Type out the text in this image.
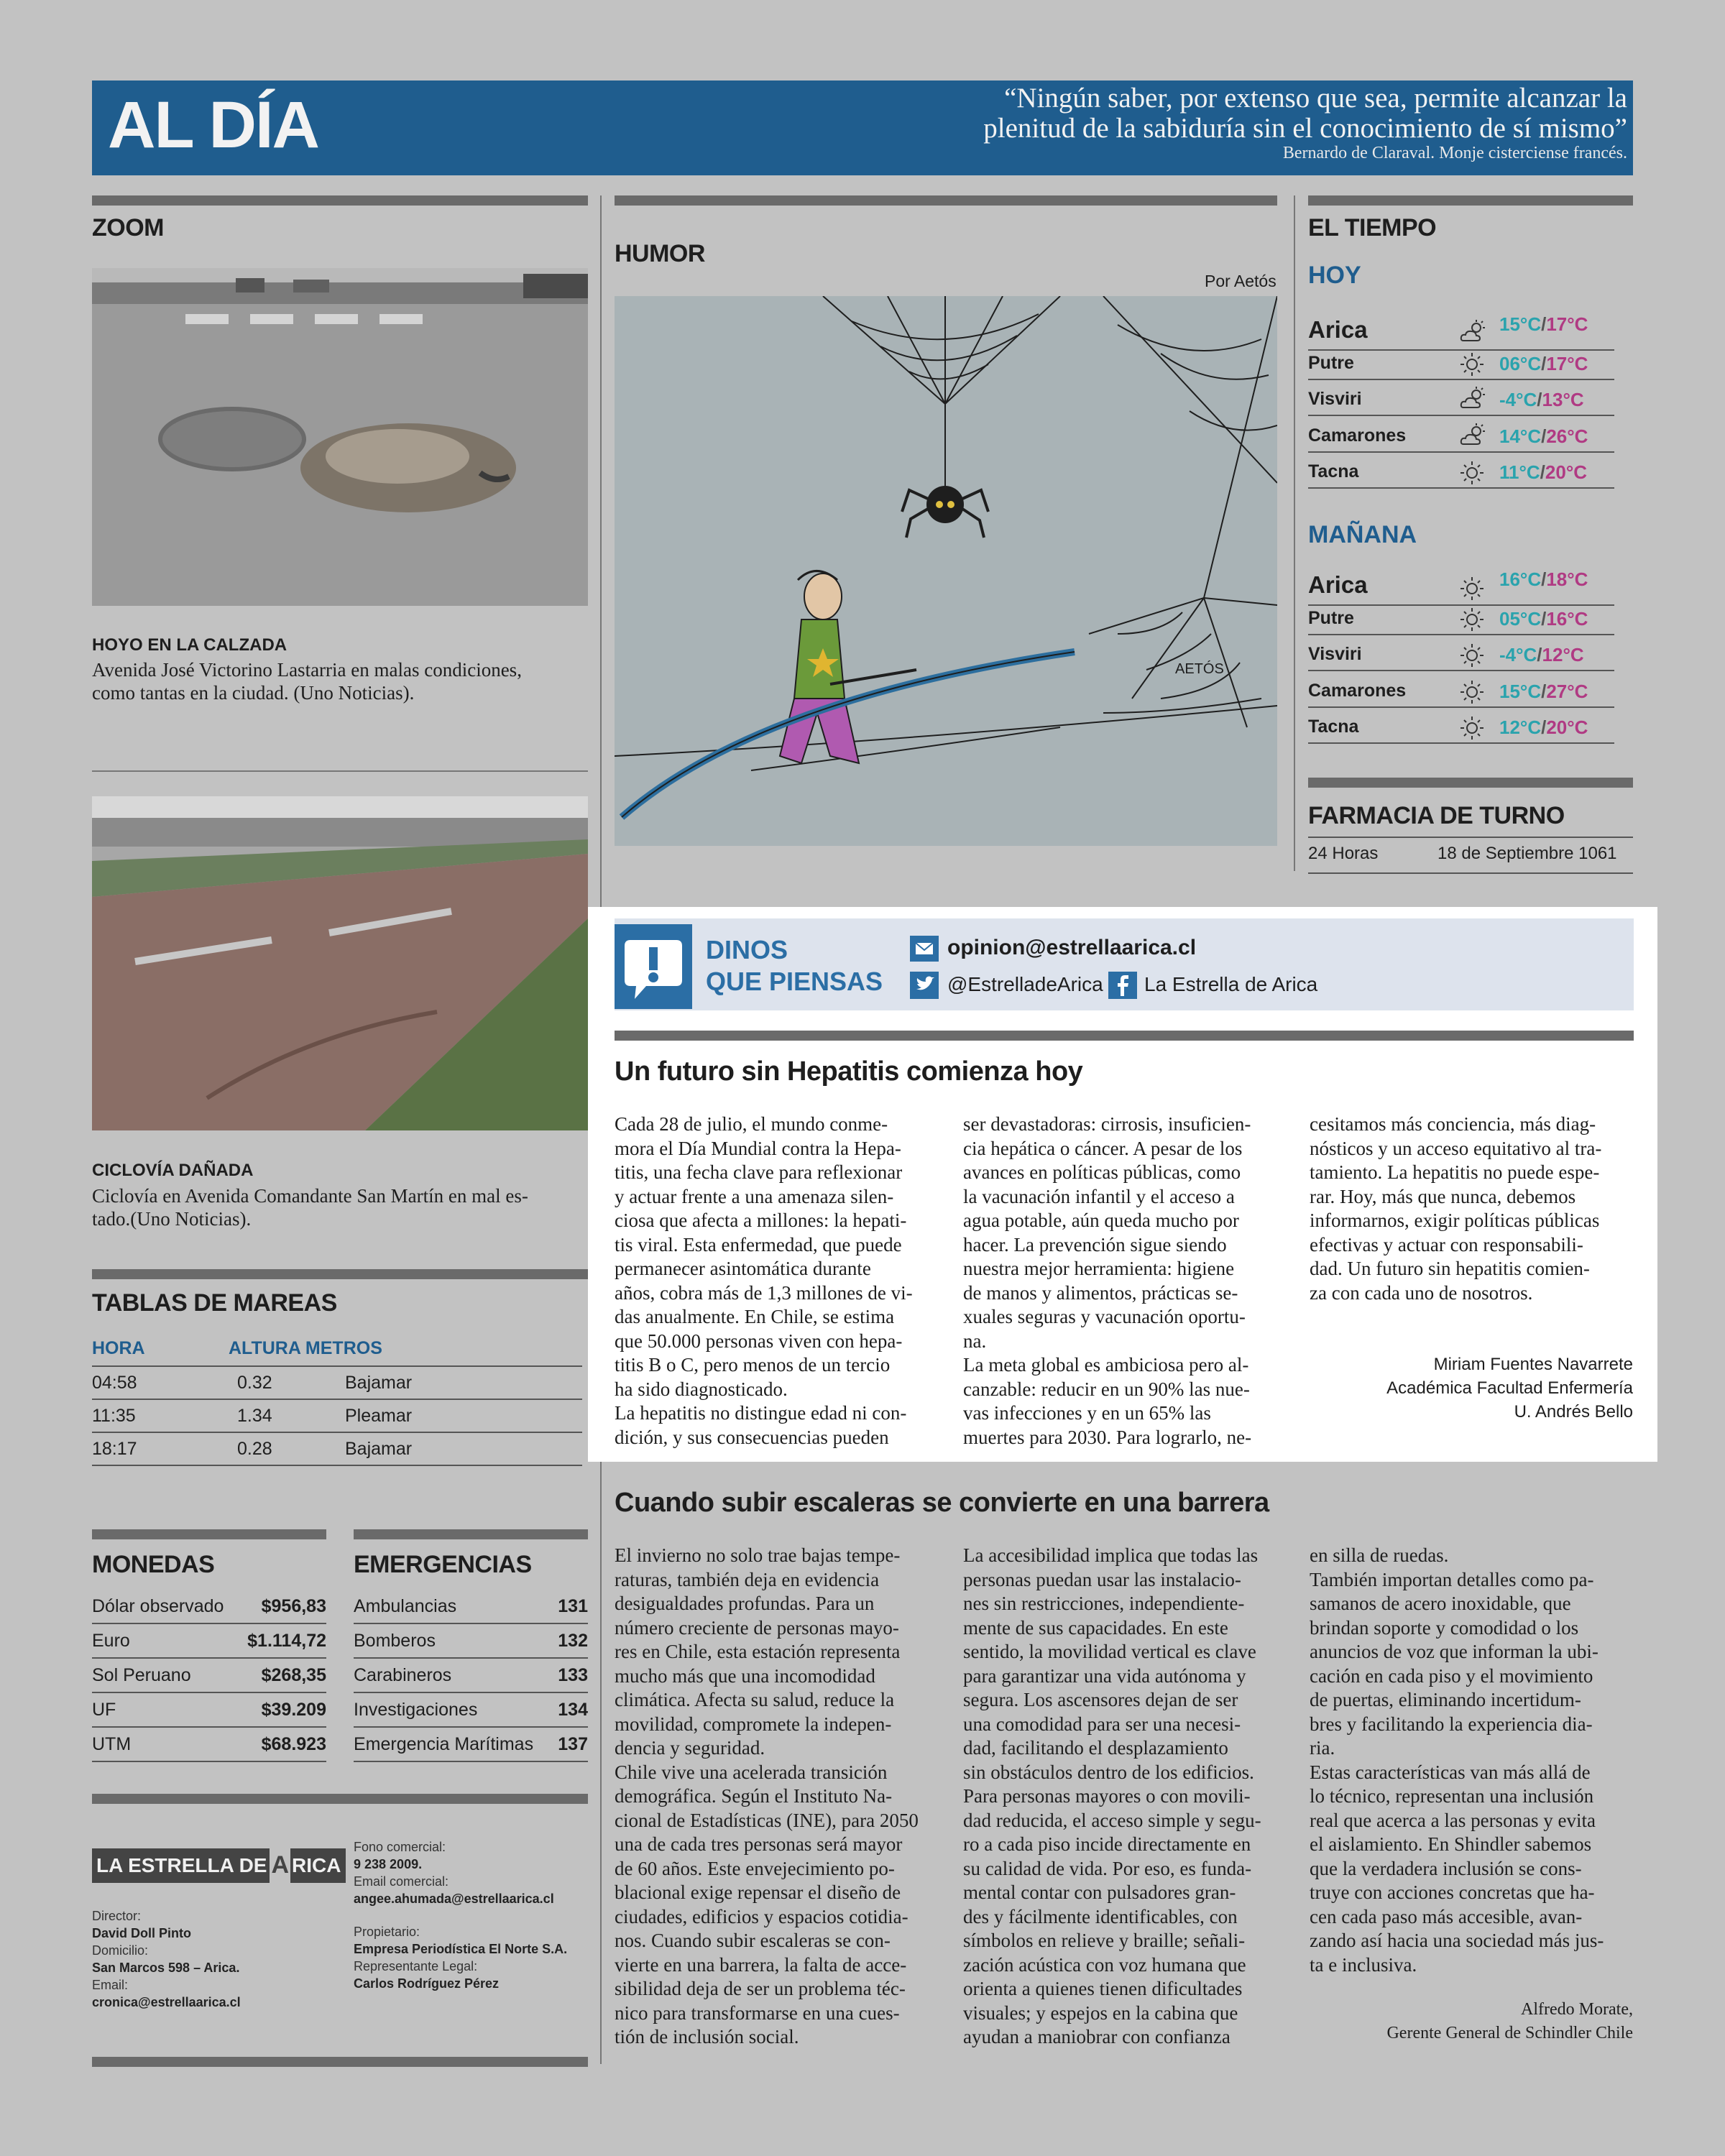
AL DÍA	“Ningún saber, por extenso que sea, permite alcanzar la
plenitud de la sabiduría sin el conocimiento de sí mismo”
Bernardo de Claraval. Monje cisterciense francés.
ZOOM
HOYO EN LA CALZADA
Avenida José Victorino Lastarria en malas condiciones,
como tantas en la ciudad. (Uno Noticias).
CICLOVÍA DAÑADA
Ciclovía en Avenida Comandante San Martín en mal es-
tado.(Uno Noticias).
TABLAS DE MAREAS
HORA	ALTURA METROS
04:58	0.32	Bajamar
11:35	1.34	Pleamar
18:17	0.28	Bajamar
MONEDAS
Dólar observado $956,83
Euro	$1.114,72
Sol Peruano	$268,35
UF	$39.209
UTM	$68.923
EMERGENCIAS
Ambulancias	131
Bomberos	132
Carabineros	133
Investigaciones	134
Emergencia Marítimas 137
LA ESTRELLA DE A RICA
Director:
David Doll Pinto
Domicilio:
San Marcos 598 – Arica.
Email:
cronica@estrellaarica.cl
Fono comercial:
9 238 2009.
Email comercial:
angee.ahumada@estrellaarica.cl
Propietario:
Empresa Periodística El Norte S.A.
Representante Legal:
Carlos Rodríguez Pérez
HUMOR
Por Aetós
AETÓS
EL TIEMPO
HOY
MAÑANA
Arica	15°C/17°C
Putre	06°C/17°C
Visviri	-4°C/13°C
Camarones	14°C/26°C
Tacna	11°C/20°C
Arica	16°C/18°C
Putre	05°C/16°C
Visviri	-4°C/12°C
Camarones	15°C/27°C
Tacna	12°C/20°C
FARMACIA DE TURNO
24 Horas	18 de Septiembre 1061
DINOS
QUE PIENSAS
opinion@estrellaarica.cl
@EstrelladeArica La Estrella de Arica
Un futuro sin Hepatitis comienza hoy
Cada 28 de julio, el mundo conme-
mora el Día Mundial contra la Hepa-
titis, una fecha clave para reflexionar
y actuar frente a una amenaza silen-
ciosa que afecta a millones: la hepati-
tis viral. Esta enfermedad, que puede
permanecer asintomática durante
años, cobra más de 1,3 millones de vi-
das anualmente. En Chile, se estima
que 50.000 personas viven con hepa-
titis B o C, pero menos de un tercio
ha sido diagnosticado.
La hepatitis no distingue edad ni con-
dición, y sus consecuencias pueden
ser devastadoras: cirrosis, insuficien-
cia hepática o cáncer. A pesar de los
avances en políticas públicas, como
la vacunación infantil y el acceso a
agua potable, aún queda mucho por
hacer. La prevención sigue siendo
nuestra mejor herramienta: higiene
de manos y alimentos, prácticas se-
xuales seguras y vacunación oportu-
na.
La meta global es ambiciosa pero al-
canzable: reducir en un 90% las nue-
vas infecciones y en un 65% las
muertes para 2030. Para lograrlo, ne-
cesitamos más conciencia, más diag-
nósticos y un acceso equitativo al tra-
tamiento. La hepatitis no puede espe-
rar. Hoy, más que nunca, debemos
informarnos, exigir políticas públicas
efectivas y actuar con responsabili-
dad. Un futuro sin hepatitis comien-
za con cada uno de nosotros.
Miriam Fuentes Navarrete
Académica Facultad Enfermería
U. Andrés Bello
Cuando subir escaleras se convierte en una barrera
El invierno no solo trae bajas tempe-
raturas, también deja en evidencia
desigualdades profundas. Para un
número creciente de personas mayo-
res en Chile, esta estación representa
mucho más que una incomodidad
climática. Afecta su salud, reduce la
movilidad, compromete la indepen-
dencia y seguridad.
Chile vive una acelerada transición
demográfica. Según el Instituto Na-
cional de Estadísticas (INE), para 2050
una de cada tres personas será mayor
de 60 años. Este envejecimiento po-
blacional exige repensar el diseño de
ciudades, edificios y espacios cotidia-
nos. Cuando subir escaleras se con-
vierte en una barrera, la falta de acce-
sibilidad deja de ser un problema téc-
nico para transformarse en una cues-
tión de inclusión social.
La accesibilidad implica que todas las
personas puedan usar las instalacio-
nes sin restricciones, independiente-
mente de sus capacidades. En este
sentido, la movilidad vertical es clave
para garantizar una vida autónoma y
segura. Los ascensores dejan de ser
una comodidad para ser una necesi-
dad, facilitando el desplazamiento
sin obstáculos dentro de los edificios.
Para personas mayores o con movili-
dad reducida, el acceso simple y segu-
ro a cada piso incide directamente en
su calidad de vida. Por eso, es funda-
mental contar con pulsadores gran-
des y fácilmente identificables, con
símbolos en relieve y braille; señali-
zación acústica con voz humana que
orienta a quienes tienen dificultades
visuales; y espejos en la cabina que
ayudan a maniobrar con confianza
en silla de ruedas.
También importan detalles como pa-
samanos de acero inoxidable, que
brindan soporte y comodidad o los
anuncios de voz que informan la ubi-
cación en cada piso y el movimiento
de puertas, eliminando incertidum-
bres y facilitando la experiencia dia-
ria.
Estas características van más allá de
lo técnico, representan una inclusión
real que acerca a las personas y evita
el aislamiento. En Shindler sabemos
que la verdadera inclusión se cons-
truye con acciones concretas que ha-
cen cada paso más accesible, avan-
zando así hacia una sociedad más jus-
ta e inclusiva.
Alfredo Morate,
Gerente General de Schindler Chile
